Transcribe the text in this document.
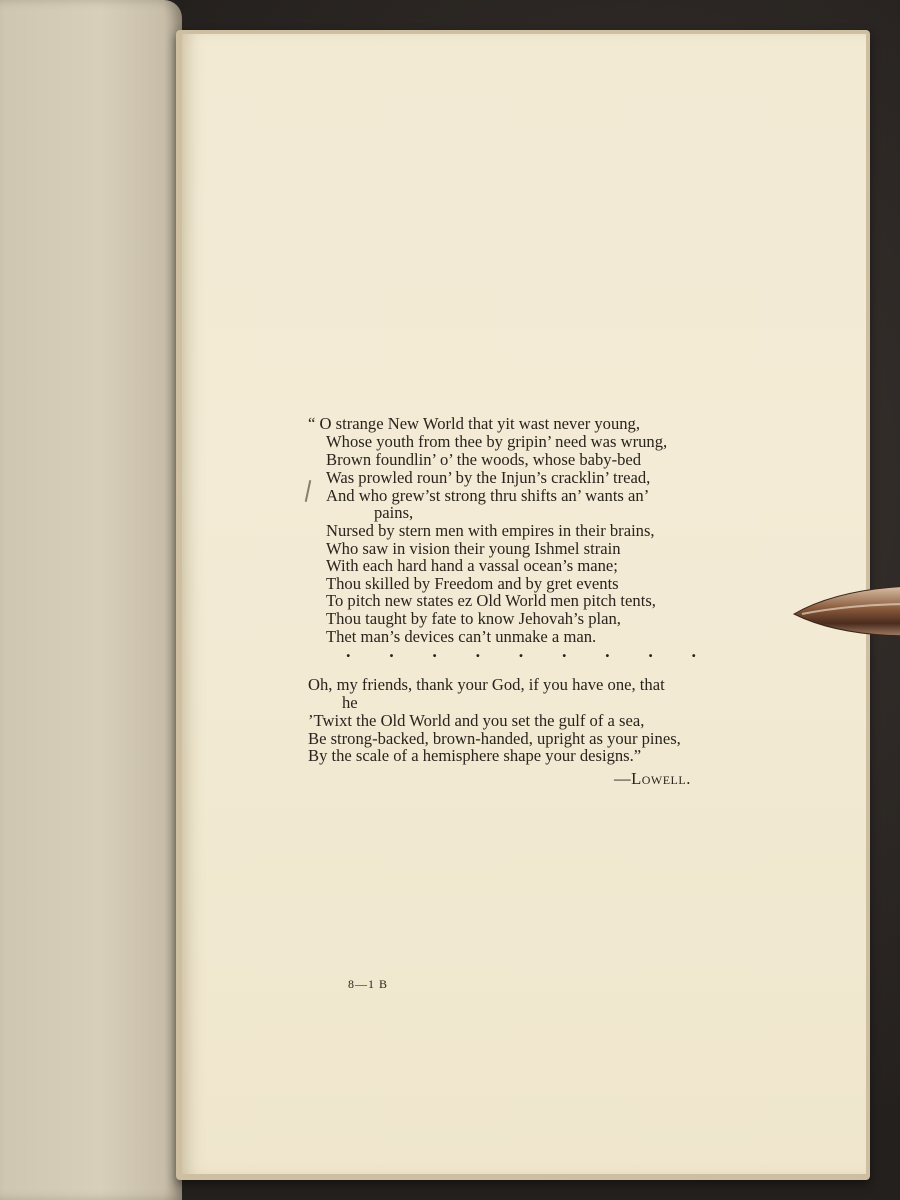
“ O strange New World that yit wast never young,
Whose youth from thee by gripin’ need was wrung,
Brown foundlin’ o’ the woods, whose baby-bed
Was prowled roun’ by the Injun’s cracklin’ tread,
And who grew’st strong thru shifts an’ wants an’
pains,
Nursed by stern men with empires in their brains,
Who saw in vision their young Ishmel strain
With each hard hand a vassal ocean’s mane;
Thou skilled by Freedom and by gret events
To pitch new states ez Old World men pitch tents,
Thou taught by fate to know Jehovah’s plan,
Thet man’s devices can’t unmake a man.
. . . . . . . . .
Oh, my friends, thank your God, if you have one, that
he
’Twixt the Old World and you set the gulf of a sea,
Be strong-backed, brown-handed, upright as your pines,
By the scale of a hemisphere shape your designs.”
—Lowell.
8—1 B
